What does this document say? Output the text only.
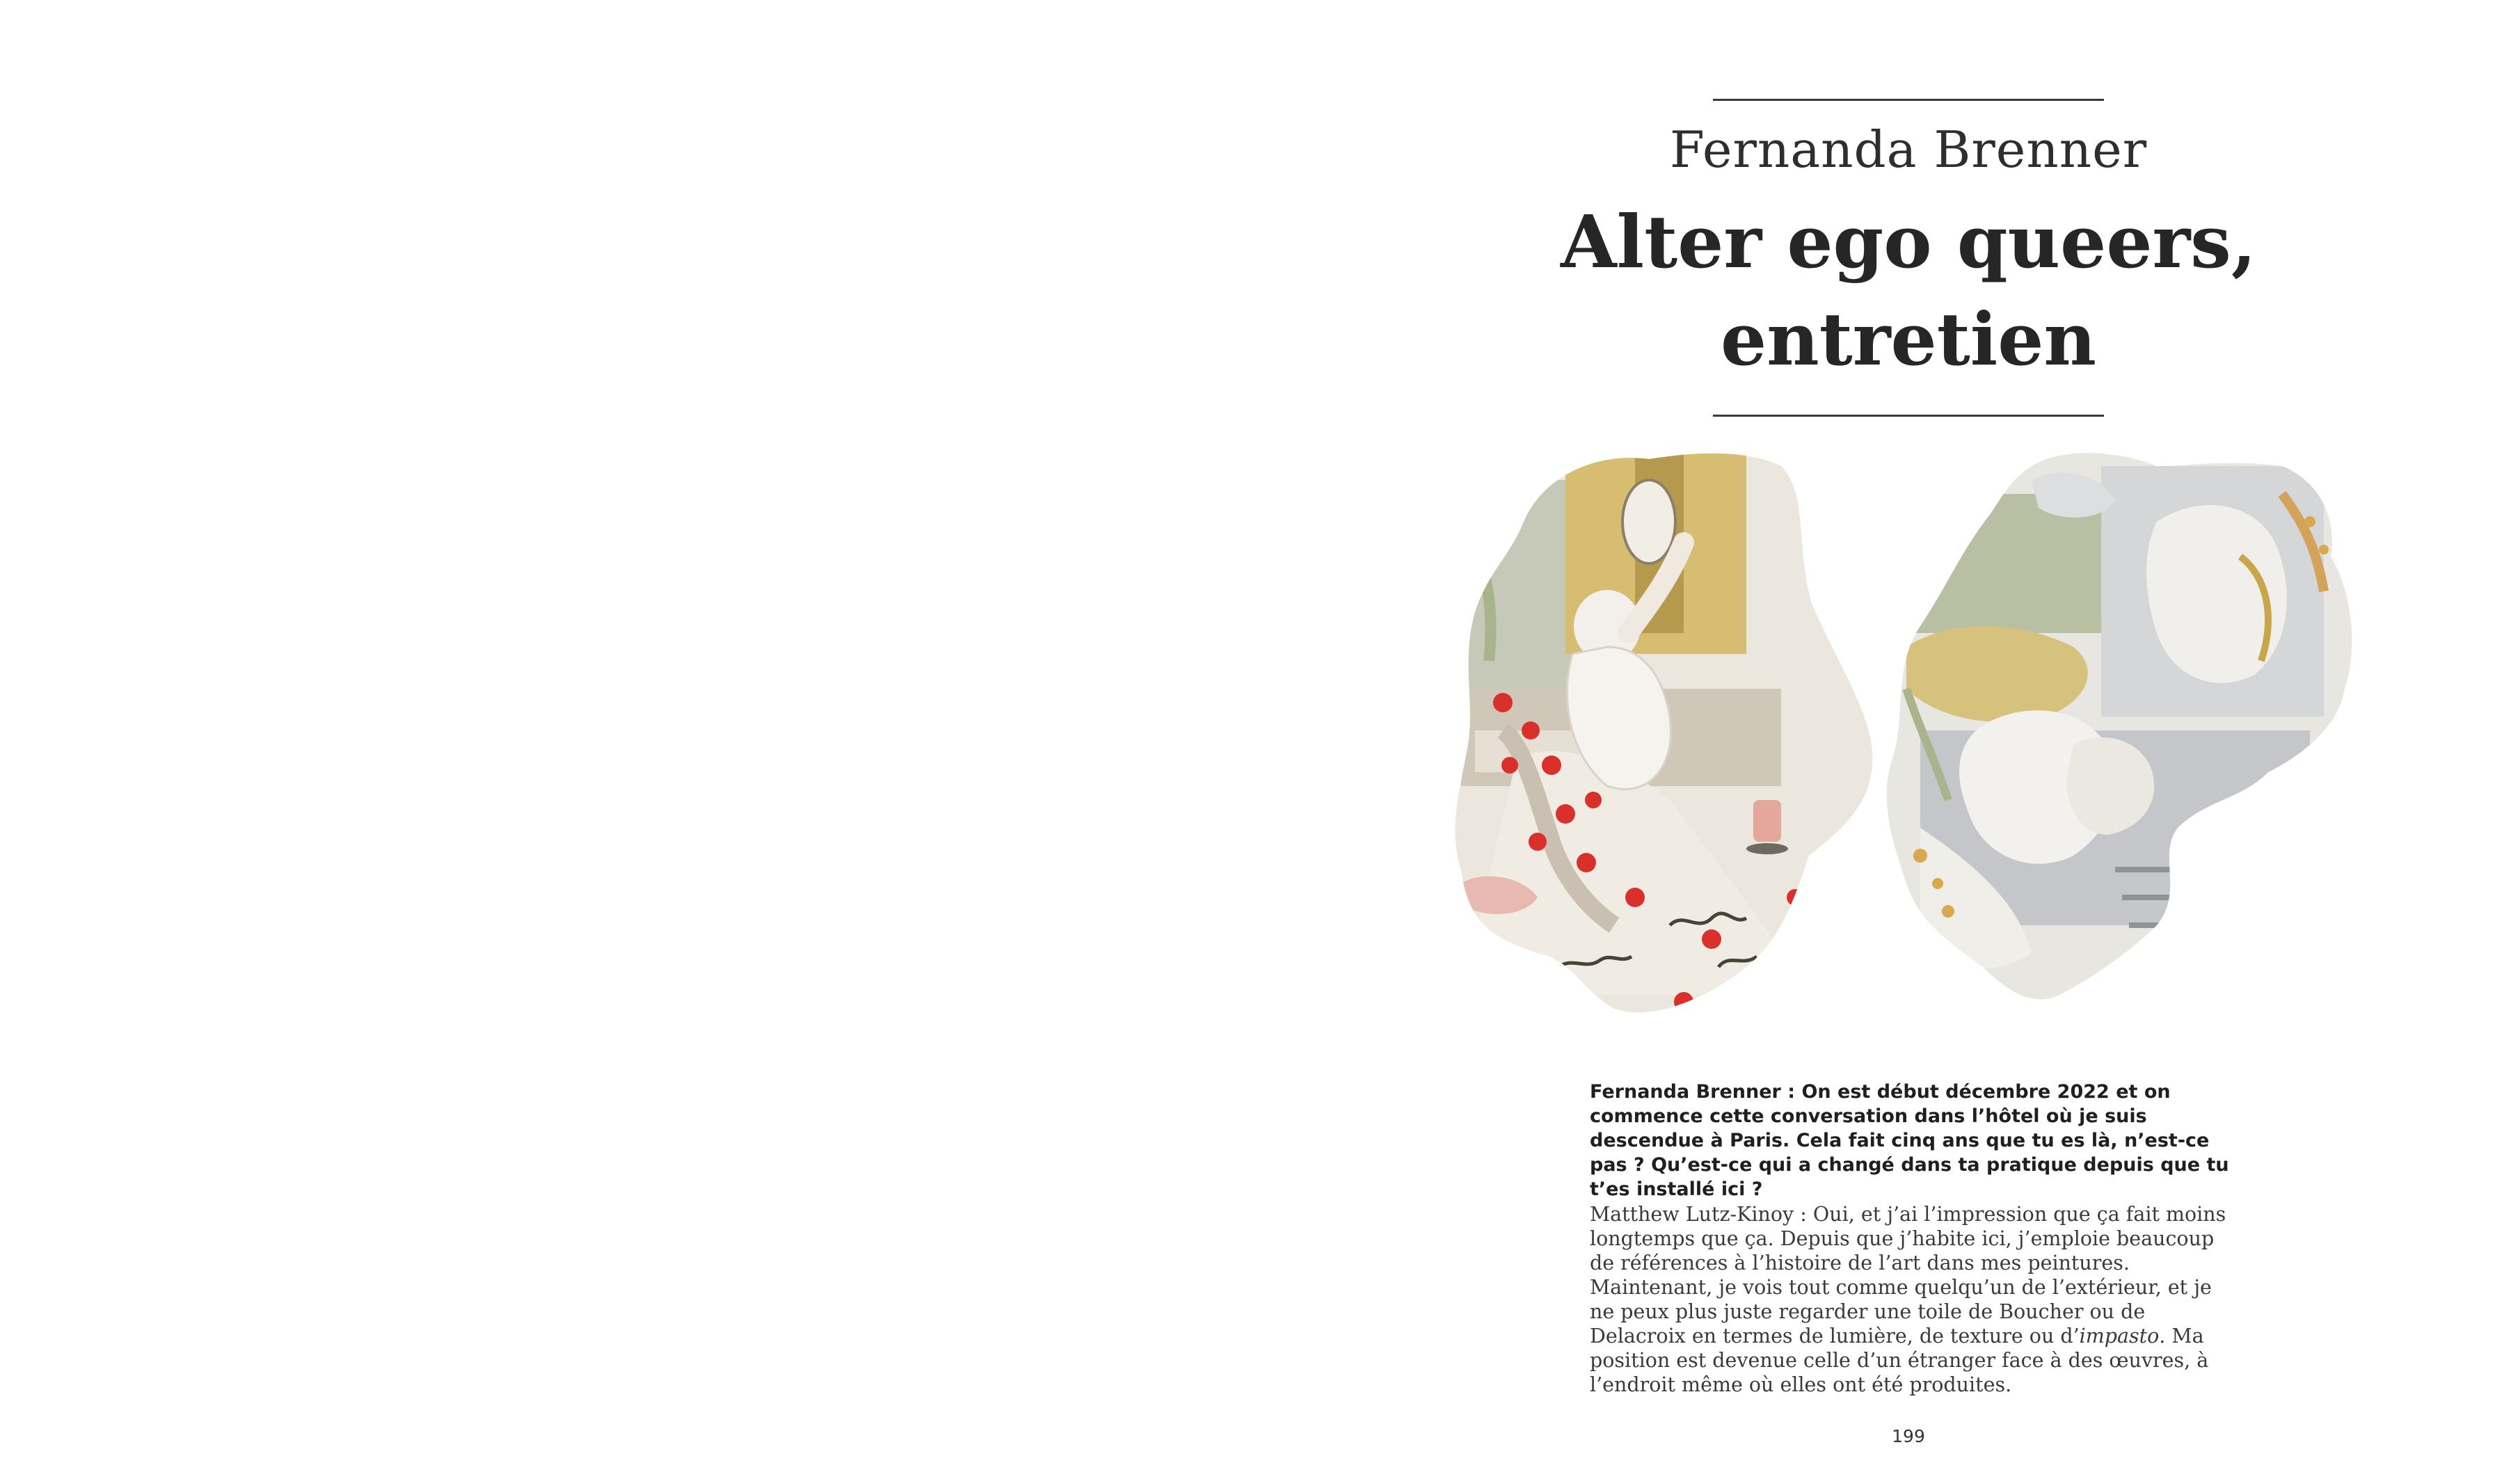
Fernanda Brenner
Alter ego queers,
entretien

Fernanda Brenner : On est début décembre 2022 et on commence cette conversation dans l’hôtel où je suis descendue à Paris. Cela fait cinq ans que tu es là, n’est-ce pas ? Qu’est-ce qui a changé dans ta pratique depuis que tu t’es installé ici ?

Matthew Lutz-Kinoy : Oui, et j’ai l’impression que ça fait moins longtemps que ça. Depuis que j’habite ici, j’emploie beaucoup de références à l’histoire de l’art dans mes peintures. Maintenant, je vois tout comme quelqu’un de l’extérieur, et je ne peux plus juste regarder une toile de Boucher ou de Delacroix en termes de lumière, de texture ou d’impasto. Ma position est devenue celle d’un étranger face à des œuvres, à l’endroit même où elles ont été produites.

199
